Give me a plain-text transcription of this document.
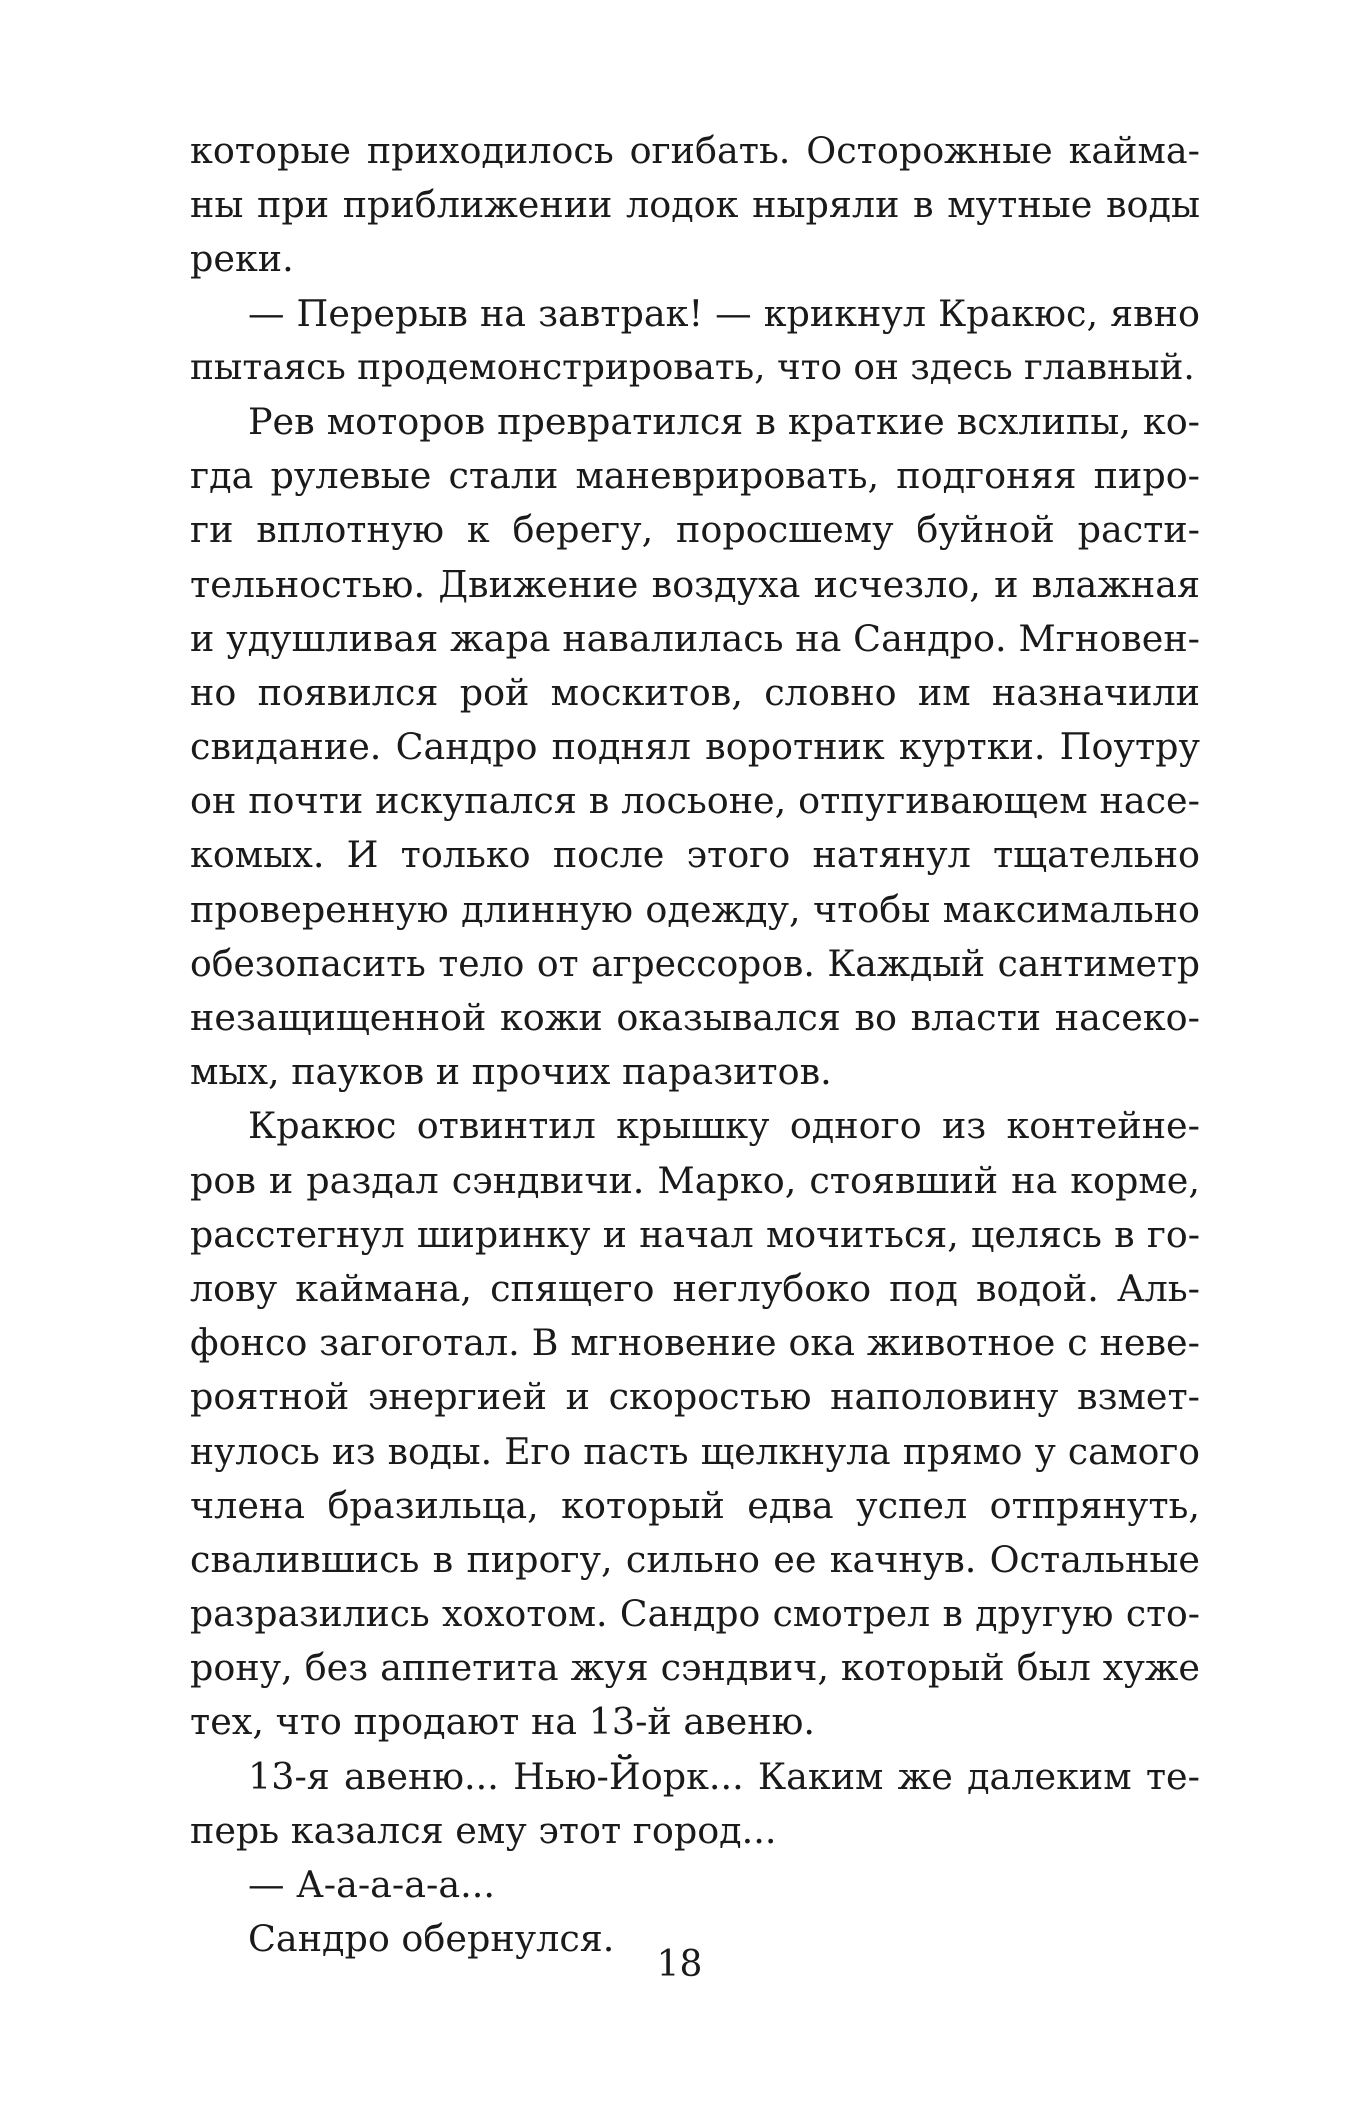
которые приходилось огибать. Осторожные кайма-
ны при приближении лодок ныряли в мутные воды
реки.
— Перерыв на завтрак! — крикнул Кракюс, явно
пытаясь продемонстрировать, что он здесь главный.
Рев моторов превратился в краткие всхлипы, ко-
гда рулевые стали маневрировать, подгоняя пиро-
ги вплотную к берегу, поросшему буйной расти-
тельностью. Движение воздуха исчезло, и влажная
и удушливая жара навалилась на Сандро. Мгновен-
но появился рой москитов, словно им назначили
свидание. Сандро поднял воротник куртки. Поутру
он почти искупался в лосьоне, отпугивающем насе-
комых. И только после этого натянул тщательно
проверенную длинную одежду, чтобы максимально
обезопасить тело от агрессоров. Каждый сантиметр
незащищенной кожи оказывался во власти насеко-
мых, пауков и прочих паразитов.
Кракюс отвинтил крышку одного из контейне-
ров и раздал сэндвичи. Марко, стоявший на корме,
расстегнул ширинку и начал мочиться, целясь в го-
лову каймана, спящего неглубоко под водой. Аль-
фонсо загоготал. В мгновение ока животное с неве-
роятной энергией и скоростью наполовину взмет-
нулось из воды. Его пасть щелкнула прямо у самого
члена бразильца, который едва успел отпрянуть,
свалившись в пирогу, сильно ее качнув. Остальные
разразились хохотом. Сандро смотрел в другую сто-
рону, без аппетита жуя сэндвич, который был хуже
тех, что продают на 13-й авеню.
13-я авеню... Нью-Йорк... Каким же далеким те-
перь казался ему этот город...
— А-а-а-а-а...
Сандро обернулся.
18
